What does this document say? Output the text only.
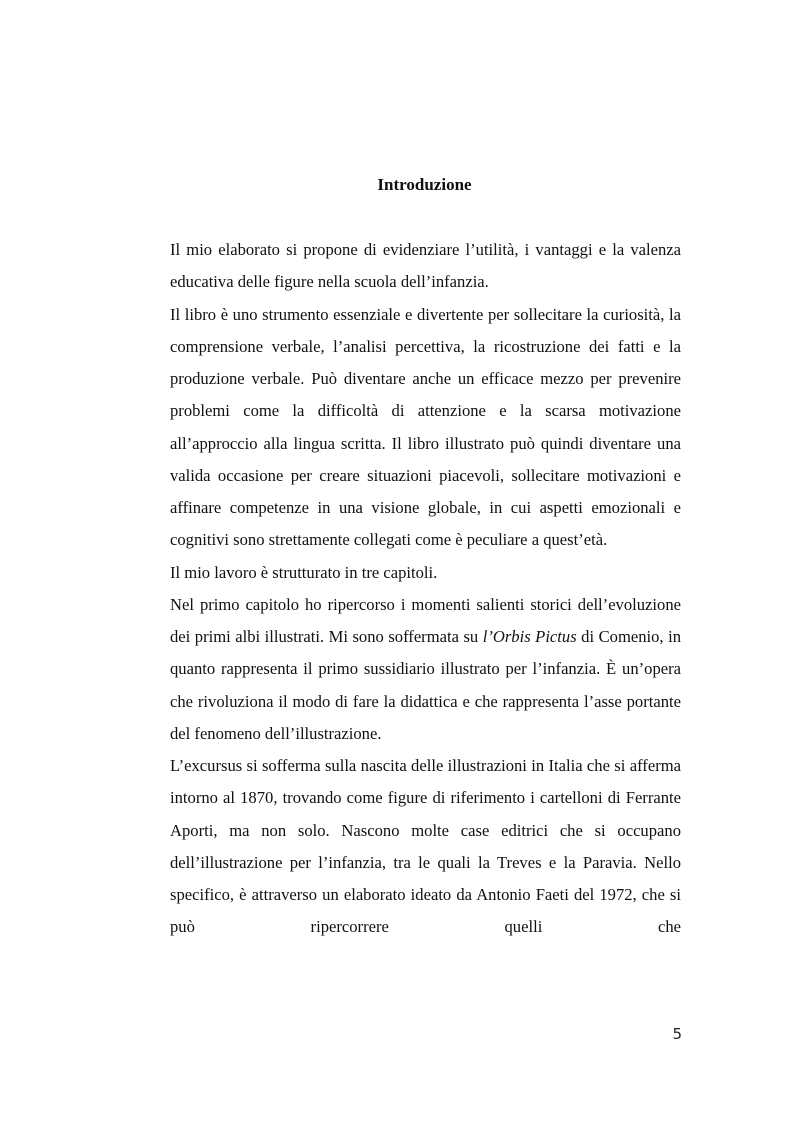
Introduzione

Il mio elaborato si propone di evidenziare l’utilità, i vantaggi e la valenza educativa delle figure nella scuola dell’infanzia.

Il libro è uno strumento essenziale e divertente per sollecitare la curiosità, la comprensione verbale, l’analisi percettiva, la ricostruzione dei fatti e la produzione verbale. Può diventare anche un efficace mezzo per prevenire problemi come la difficoltà di attenzione e la scarsa motivazione all’approccio alla lingua scritta. Il libro illustrato può quindi diventare una valida occasione per creare situazioni piacevoli, sollecitare motivazioni e affinare competenze in una visione globale, in cui aspetti emozionali e cognitivi sono strettamente collegati come è peculiare a quest’età.

Il mio lavoro è strutturato in tre capitoli.

Nel primo capitolo ho ripercorso i momenti salienti storici dell’evoluzione dei primi albi illustrati. Mi sono soffermata su l’Orbis Pictus di Comenio, in quanto rappresenta il primo sussidiario illustrato per l’infanzia. È un’opera che rivoluziona il modo di fare la didattica e che rappresenta l’asse portante del fenomeno dell’illustrazione.

L’excursus si sofferma sulla nascita delle illustrazioni in Italia che si afferma intorno al 1870, trovando come figure di riferimento i cartelloni di Ferrante Aporti, ma non solo. Nascono molte case editrici che si occupano dell’illustrazione per l’infanzia, tra le quali la Treves e la Paravia. Nello specifico, è attraverso un elaborato ideato da Antonio Faeti del 1972, che si può ripercorrere quelli che

5
